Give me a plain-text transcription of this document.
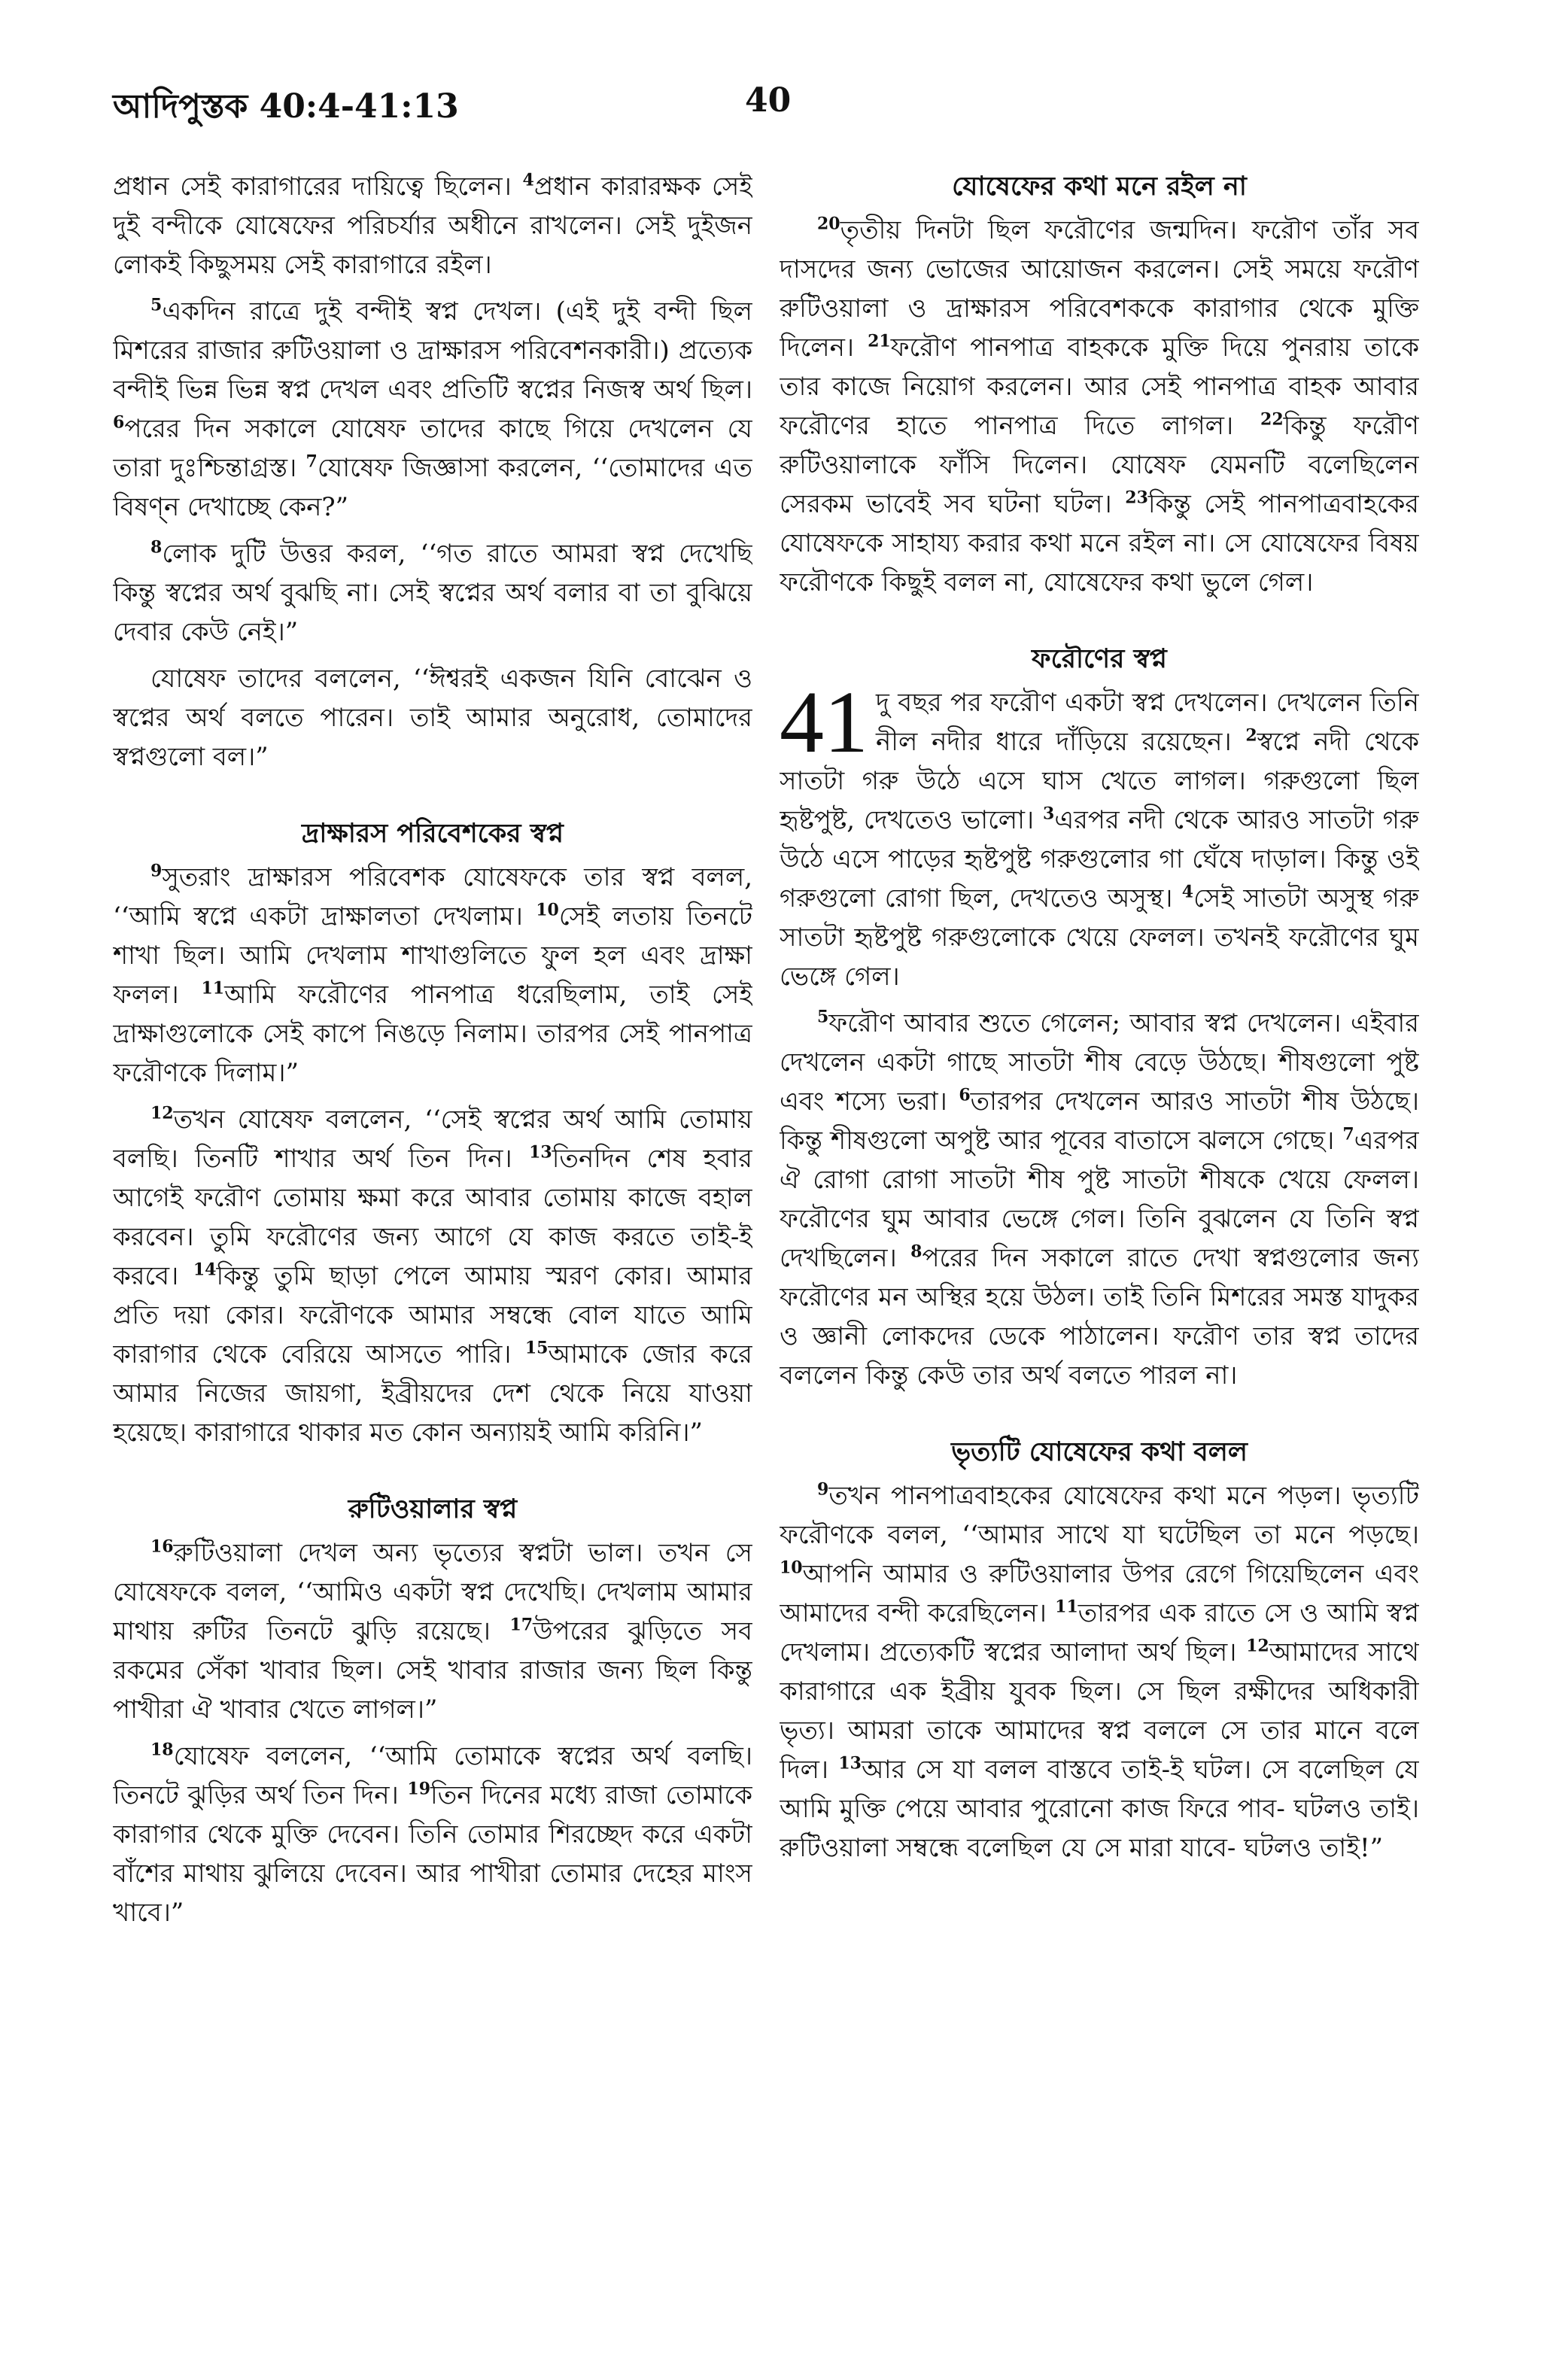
আদিপুস্তক 40:4-41:13	40

প্রধান সেই কারাগারের দায়িত্বে ছিলেন। $^4$প্রধান কারারক্ষক সেই দুই বন্দীকে যোষেফের পরিচর্যার অধীনে রাখলেন। সেই দুইজন লোকই কিছুসময় সেই কারাগারে রইল।

$^5$একদিন রাত্রে দুই বন্দীই স্বপ্ন দেখল। (এই দুই বন্দী ছিল মিশরের রাজার রুটিওয়ালা ও দ্রাক্ষারস পরিবেশনকারী।) প্রত্যেক বন্দীই ভিন্ন ভিন্ন স্বপ্ন দেখল এবং প্রতিটি স্বপ্নের নিজস্ব অর্থ ছিল। $^6$পরের দিন সকালে যোষেফ তাদের কাছে গিয়ে দেখলেন যে তারা দুঃশ্চিন্তাগ্রস্ত। $^7$যোষেফ জিজ্ঞাসা করলেন, ‘‘তোমাদের এত বিষণ্ন দেখাচ্ছে কেন?”

$^8$লোক দুটি উত্তর করল, ‘‘গত রাতে আমরা স্বপ্ন দেখেছি কিন্তু স্বপ্নের অর্থ বুঝছি না। সেই স্বপ্নের অর্থ বলার বা তা বুঝিয়ে দেবার কেউ নেই।”

যোষেফ তাদের বললেন, ‘‘ঈশ্বরই একজন যিনি বোঝেন ও স্বপ্নের অর্থ বলতে পারেন। তাই আমার অনুরোধ, তোমাদের স্বপ্নগুলো বল।”

দ্রাক্ষারস পরিবেশকের স্বপ্ন

$^9$সুতরাং দ্রাক্ষারস পরিবেশক যোষেফকে তার স্বপ্ন বলল, ‘‘আমি স্বপ্নে একটা দ্রাক্ষালতা দেখলাম। $^{10}$সেই লতায় তিনটে শাখা ছিল। আমি দেখলাম শাখাগুলিতে ফুল হল এবং দ্রাক্ষা ফলল। $^{11}$আমি ফরৌণের পানপাত্র ধরেছিলাম, তাই সেই দ্রাক্ষাগুলোকে সেই কাপে নিঙড়ে নিলাম। তারপর সেই পানপাত্র ফরৌণকে দিলাম।”

$^{12}$তখন যোষেফ বললেন, ‘‘সেই স্বপ্নের অর্থ আমি তোমায় বলছি। তিনটি শাখার অর্থ তিন দিন। $^{13}$তিনদিন শেষ হবার আগেই ফরৌণ তোমায় ক্ষমা করে আবার তোমায় কাজে বহাল করবেন। তুমি ফরৌণের জন্য আগে যে কাজ করতে তাই-ই করবে। $^{14}$কিন্তু তুমি ছাড়া পেলে আমায় স্মরণ কোর। আমার প্রতি দয়া কোর। ফরৌণকে আমার সম্বন্ধে বোল যাতে আমি কারাগার থেকে বেরিয়ে আসতে পারি। $^{15}$আমাকে জোর করে আমার নিজের জায়গা, ইব্রীয়দের দেশ থেকে নিয়ে যাওয়া হয়েছে। কারাগারে থাকার মত কোন অন্যায়ই আমি করিনি।”

রুটিওয়ালার স্বপ্ন

$^{16}$রুটিওয়ালা দেখল অন্য ভৃত্যের স্বপ্নটা ভাল। তখন সে যোষেফকে বলল, ‘‘আমিও একটা স্বপ্ন দেখেছি। দেখলাম আমার মাথায় রুটির তিনটে ঝুড়ি রয়েছে। $^{17}$উপরের ঝুড়িতে সব রকমের সেঁকা খাবার ছিল। সেই খাবার রাজার জন্য ছিল কিন্তু পাখীরা ঐ খাবার খেতে লাগল।”

$^{18}$যোষেফ বললেন, ‘‘আমি তোমাকে স্বপ্নের অর্থ বলছি। তিনটে ঝুড়ির অর্থ তিন দিন। $^{19}$তিন দিনের মধ্যে রাজা তোমাকে কারাগার থেকে মুক্তি দেবেন। তিনি তোমার শিরচ্ছেদ করে একটা বাঁশের মাথায় ঝুলিয়ে দেবেন। আর পাখীরা তোমার দেহের মাংস খাবে।”

যোষেফের কথা মনে রইল না

$^{20}$তৃতীয় দিনটা ছিল ফরৌণের জন্মদিন। ফরৌণ তাঁর সব দাসদের জন্য ভোজের আয়োজন করলেন। সেই সময়ে ফরৌণ রুটিওয়ালা ও দ্রাক্ষারস পরিবেশককে কারাগার থেকে মুক্তি দিলেন। $^{21}$ফরৌণ পানপাত্র বাহককে মুক্তি দিয়ে পুনরায় তাকে তার কাজে নিয়োগ করলেন। আর সেই পানপাত্র বাহক আবার ফরৌণের হাতে পানপাত্র দিতে লাগল। $^{22}$কিন্তু ফরৌণ রুটিওয়ালাকে ফাঁসি দিলেন। যোষেফ যেমনটি বলেছিলেন সেরকম ভাবেই সব ঘটনা ঘটল। $^{23}$কিন্তু সেই পানপাত্রবাহকের যোষেফকে সাহায্য করার কথা মনে রইল না। সে যোষেফের বিষয় ফরৌণকে কিছুই বলল না, যোষেফের কথা ভুলে গেল।

ফরৌণের স্বপ্ন
41 দু বছর পর ফরৌণ একটা স্বপ্ন দেখলেন। দেখলেন তিনি নীল নদীর ধারে দাঁড়িয়ে রয়েছেন। $^2$স্বপ্নে নদী থেকে সাতটা গরু উঠে এসে ঘাস খেতে লাগল। গরুগুলো ছিল হৃষ্টপুষ্ট, দেখতেও ভালো। $^3$এরপর নদী থেকে আরও সাতটা গরু উঠে এসে পাড়ের হৃষ্টপুষ্ট গরুগুলোর গা ঘেঁষে দাড়াল। কিন্তু ওই গরুগুলো রোগা ছিল, দেখতেও অসুস্থ। $^4$সেই সাতটা অসুস্থ গরু সাতটা হৃষ্টপুষ্ট গরুগুলোকে খেয়ে ফেলল। তখনই ফরৌণের ঘুম ভেঙ্গে গেল।

$^5$ফরৌণ আবার শুতে গেলেন; আবার স্বপ্ন দেখলেন। এইবার দেখলেন একটা গাছে সাতটা শীষ বেড়ে উঠছে। শীষগুলো পুষ্ট এবং শস্যে ভরা। $^6$তারপর দেখলেন আরও সাতটা শীষ উঠছে। কিন্তু শীষগুলো অপুষ্ট আর পূবের বাতাসে ঝলসে গেছে। $^7$এরপর ঐ রোগা রোগা সাতটা শীষ পুষ্ট সাতটা শীষকে খেয়ে ফেলল। ফরৌণের ঘুম আবার ভেঙ্গে গেল। তিনি বুঝলেন যে তিনি স্বপ্ন দেখছিলেন। $^8$পরের দিন সকালে রাতে দেখা স্বপ্নগুলোর জন্য ফরৌণের মন অস্থির হয়ে উঠল। তাই তিনি মিশরের সমস্ত যাদুকর ও জ্ঞানী লোকদের ডেকে পাঠালেন। ফরৌণ তার স্বপ্ন তাদের বললেন কিন্তু কেউ তার অর্থ বলতে পারল না।

ভৃত্যটি যোষেফের কথা বলল

$^9$তখন পানপাত্রবাহকের যোষেফের কথা মনে পড়ল। ভৃত্যটি ফরৌণকে বলল, ‘‘আমার সাথে যা ঘটেছিল তা মনে পড়ছে। $^{10}$আপনি আমার ও রুটিওয়ালার উপর রেগে গিয়েছিলেন এবং আমাদের বন্দী করেছিলেন। $^{11}$তারপর এক রাতে সে ও আমি স্বপ্ন দেখলাম। প্রত্যেকটি স্বপ্নের আলাদা অর্থ ছিল। $^{12}$আমাদের সাথে কারাগারে এক ইব্রীয় যুবক ছিল। সে ছিল রক্ষীদের অধিকারী ভৃত্য। আমরা তাকে আমাদের স্বপ্ন বললে সে তার মানে বলে দিল। $^{13}$আর সে যা বলল বাস্তবে তাই-ই ঘটল। সে বলেছিল যে আমি মুক্তি পেয়ে আবার পুরোনো কাজ ফিরে পাব- ঘটলও তাই। রুটিওয়ালা সম্বন্ধে বলেছিল যে সে মারা যাবে- ঘটলও তাই!”
